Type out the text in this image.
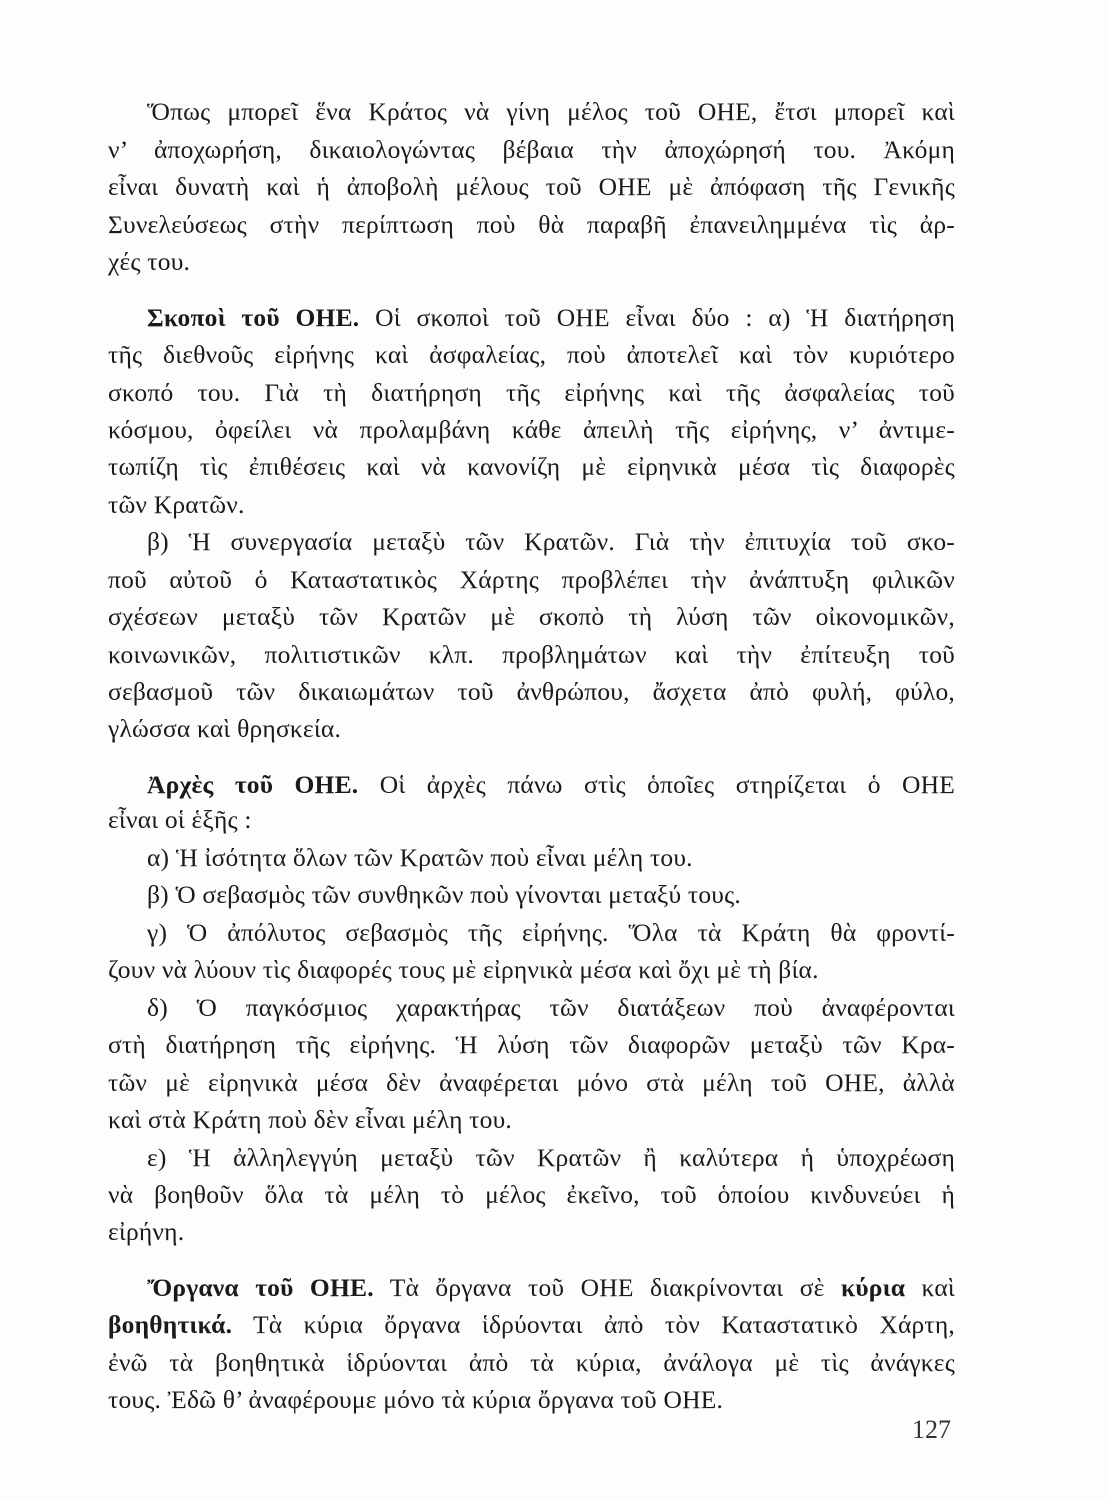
Ὅπως μπορεῖ ἕνα Κράτος νὰ γίνη μέλος τοῦ ΟΗΕ, ἔτσι μπορεῖ καὶ
ν’ ἀποχωρήση, δικαιολογώντας βέβαια τὴν ἀποχώρησή του. Ἀκόμη
εἶναι δυνατὴ καὶ ἡ ἀποβολὴ μέλους τοῦ ΟΗΕ μὲ ἀπόφαση τῆς Γενικῆς
Συνελεύσεως στὴν περίπτωση ποὺ θὰ παραβῆ ἐπανειλημμένα τὶς ἀρ-
χές του.
Σκοποὶ τοῦ ΟΗΕ. Οἱ σκοποὶ τοῦ ΟΗΕ εἶναι δύο : α) Ἡ διατήρηση
τῆς διεθνοῦς εἰρήνης καὶ ἀσφαλείας, ποὺ ἀποτελεῖ καὶ τὸν κυριότερο
σκοπό του. Γιὰ τὴ διατήρηση τῆς εἰρήνης καὶ τῆς ἀσφαλείας τοῦ
κόσμου, ὀφείλει νὰ προλαμβάνη κάθε ἀπειλὴ τῆς εἰρήνης, ν’ ἀντιμε-
τωπίζη τὶς ἐπιθέσεις καὶ νὰ κανονίζη μὲ εἰρηνικὰ μέσα τὶς διαφορὲς
τῶν Κρατῶν.
β) Ἡ συνεργασία μεταξὺ τῶν Κρατῶν. Γιὰ τὴν ἐπιτυχία τοῦ σκο-
ποῦ αὐτοῦ ὁ Καταστατικὸς Χάρτης προβλέπει τὴν ἀνάπτυξη φιλικῶν
σχέσεων μεταξὺ τῶν Κρατῶν μὲ σκοπὸ τὴ λύση τῶν οἰκονομικῶν,
κοινωνικῶν, πολιτιστικῶν κλπ. προβλημάτων καὶ τὴν ἐπίτευξη τοῦ
σεβασμοῦ τῶν δικαιωμάτων τοῦ ἀνθρώπου, ἄσχετα ἀπὸ φυλή, φύλο,
γλώσσα καὶ θρησκεία.
Ἀρχὲς τοῦ ΟΗΕ. Οἱ ἀρχὲς πάνω στὶς ὁποῖες στηρίζεται ὁ ΟΗΕ
εἶναι οἱ ἑξῆς :
α) Ἡ ἰσότητα ὅλων τῶν Κρατῶν ποὺ εἶναι μέλη του.
β) Ὁ σεβασμὸς τῶν συνθηκῶν ποὺ γίνονται μεταξύ τους.
γ) Ὁ ἀπόλυτος σεβασμὸς τῆς εἰρήνης. Ὅλα τὰ Κράτη θὰ φροντί-
ζουν νὰ λύουν τὶς διαφορές τους μὲ εἰρηνικὰ μέσα καὶ ὄχι μὲ τὴ βία.
δ) Ὁ παγκόσμιος χαρακτήρας τῶν διατάξεων ποὺ ἀναφέρονται
στὴ διατήρηση τῆς εἰρήνης. Ἡ λύση τῶν διαφορῶν μεταξὺ τῶν Κρα-
τῶν μὲ εἰρηνικὰ μέσα δὲν ἀναφέρεται μόνο στὰ μέλη τοῦ ΟΗΕ, ἀλλὰ
καὶ στὰ Κράτη ποὺ δὲν εἶναι μέλη του.
ε) Ἡ ἀλληλεγγύη μεταξὺ τῶν Κρατῶν ἢ καλύτερα ἡ ὑποχρέωση
νὰ βοηθοῦν ὅλα τὰ μέλη τὸ μέλος ἐκεῖνο, τοῦ ὁποίου κινδυνεύει ἡ
εἰρήνη.
Ὄργανα τοῦ ΟΗΕ. Τὰ ὄργανα τοῦ ΟΗΕ διακρίνονται σὲ κύρια καὶ
βοηθητικά. Τὰ κύρια ὄργανα ἱδρύονται ἀπὸ τὸν Καταστατικὸ Χάρτη,
ἐνῶ τὰ βοηθητικὰ ἱδρύονται ἀπὸ τὰ κύρια, ἀνάλογα μὲ τὶς ἀνάγκες
τους. Ἐδῶ θ’ ἀναφέρουμε μόνο τὰ κύρια ὄργανα τοῦ ΟΗΕ.
127
